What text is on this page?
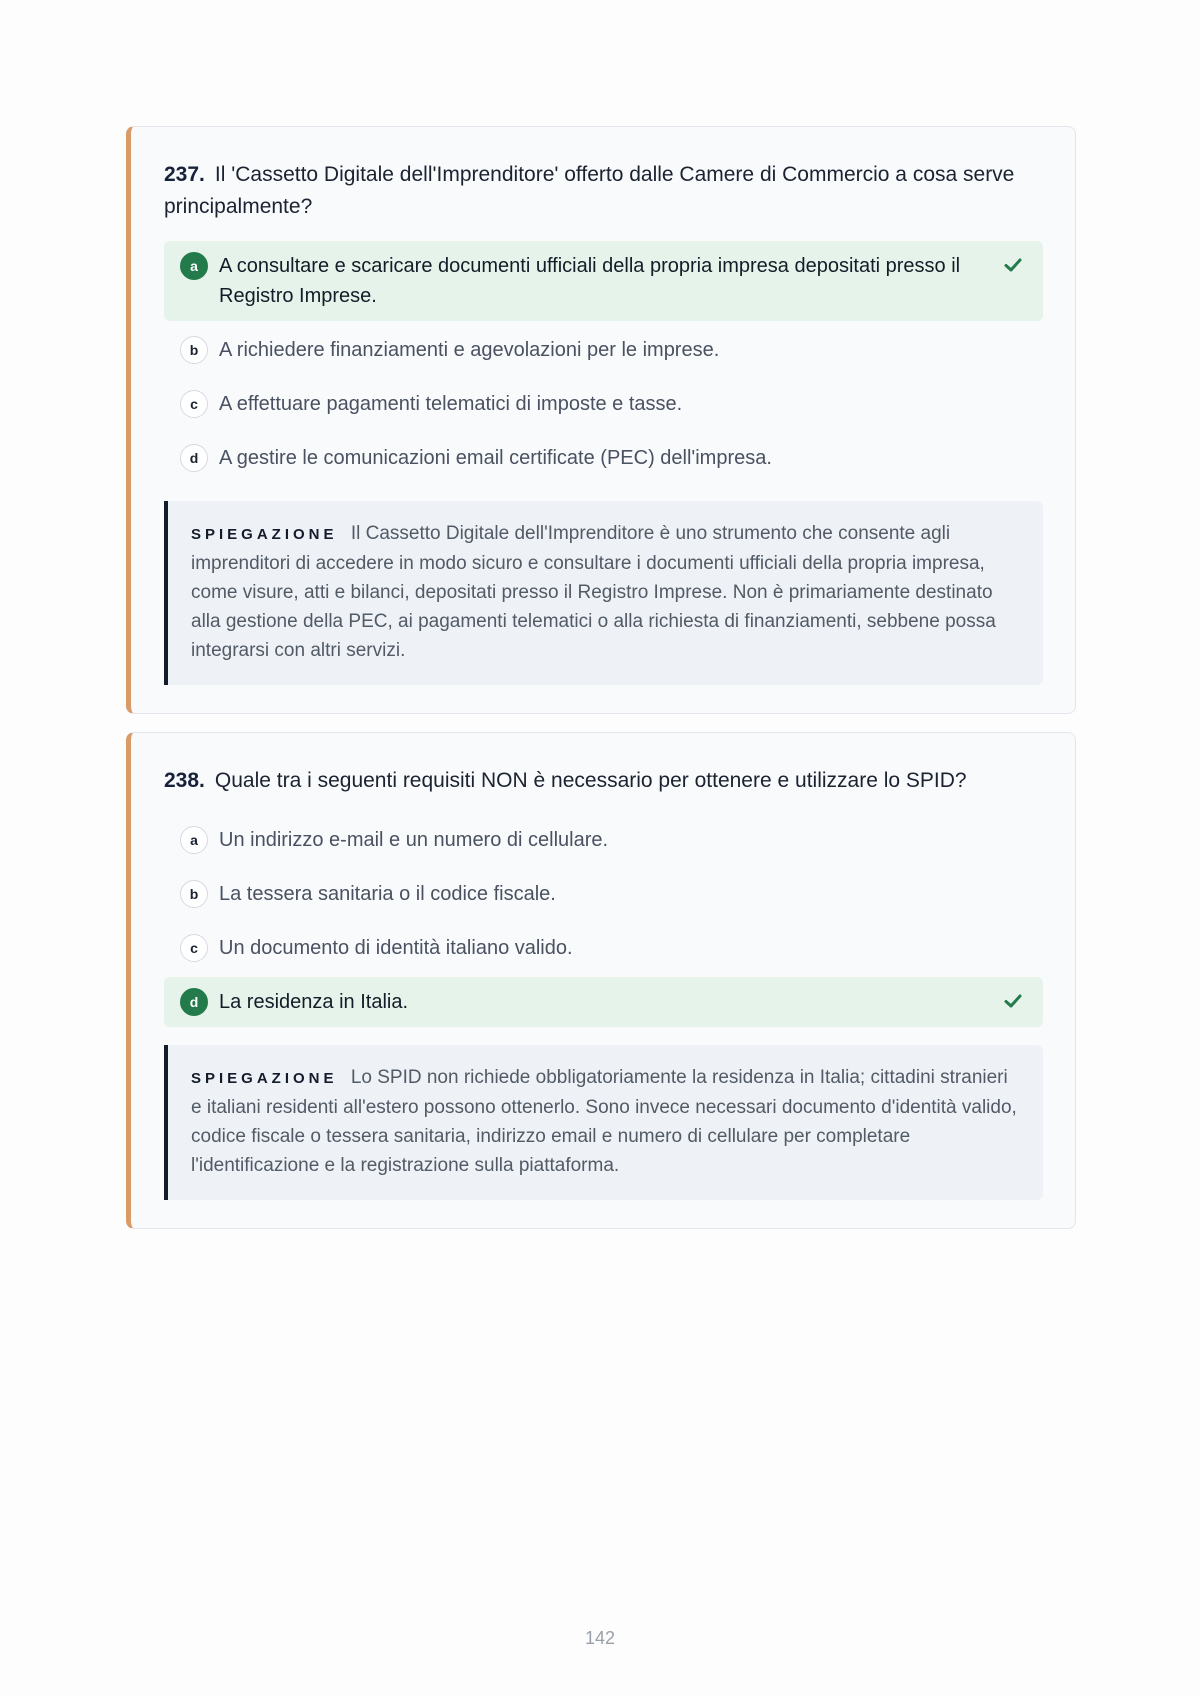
237. Il 'Cassetto Digitale dell'Imprenditore' offerto dalle Camere di Commercio a cosa serve principalmente?

a	A consultare e scaricare documenti ufficiali della propria impresa depositati presso il Registro Imprese.
b	A richiedere finanziamenti e agevolazioni per le imprese.
c	A effettuare pagamenti telematici di imposte e tasse.
d	A gestire le comunicazioni email certificate (PEC) dell'impresa.
SPIEGAZIONE Il Cassetto Digitale dell'Imprenditore è uno strumento che consente agli imprenditori di accedere in modo sicuro e consultare i documenti ufficiali della propria impresa, come visure, atti e bilanci, depositati presso il Registro Imprese. Non è primariamente destinato alla gestione della PEC, ai pagamenti telematici o alla richiesta di finanziamenti, sebbene possa integrarsi con altri servizi.

238. Quale tra i seguenti requisiti NON è necessario per ottenere e utilizzare lo SPID?

a	Un indirizzo e-mail e un numero di cellulare.
b	La tessera sanitaria o il codice fiscale.
c	Un documento di identità italiano valido.
d	La residenza in Italia.
SPIEGAZIONE Lo SPID non richiede obbligatoriamente la residenza in Italia; cittadini stranieri e italiani residenti all'estero possono ottenerlo. Sono invece necessari documento d'identità valido, codice fiscale o tessera sanitaria, indirizzo email e numero di cellulare per completare l'identificazione e la registrazione sulla piattaforma.
142
